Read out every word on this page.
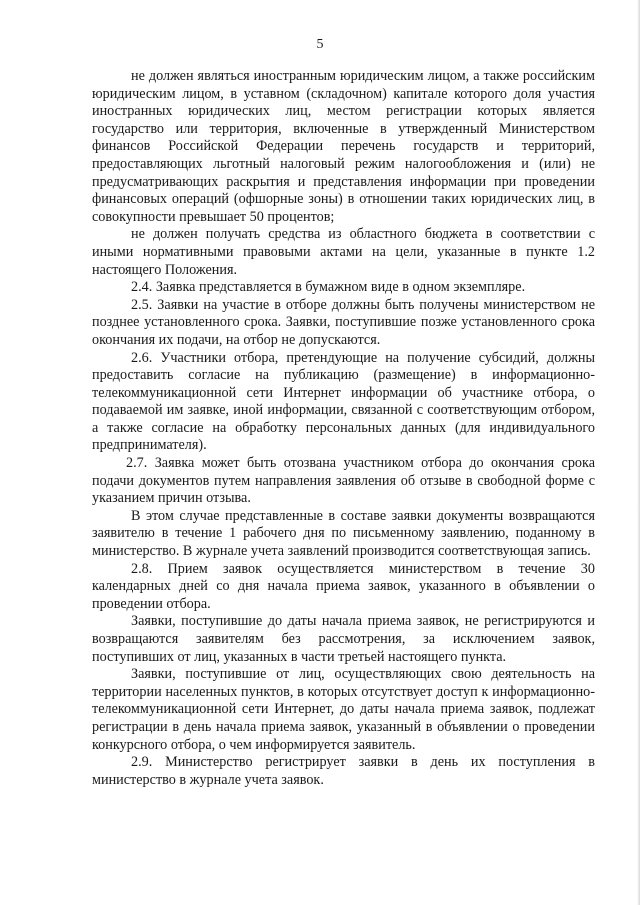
5

не должен являться иностранным юридическим лицом, а также российским юридическим лицом, в уставном (складочном) капитале которого доля участия иностранных юридических лиц, местом регистрации которых является государство или территория, включенные в утвержденный Министерством финансов Российской Федерации перечень государств и территорий, предоставляющих льготный налоговый режим налогообложения и (или) не предусматривающих раскрытия и представления информации при проведении финансовых операций (офшорные зоны) в отношении таких юридических лиц, в совокупности превышает 50 процентов;

не должен получать средства из областного бюджета в соответствии с иными нормативными правовыми актами на цели, указанные в пункте 1.2 настоящего Положения.

2.4. Заявка представляется в бумажном виде в одном экземпляре.

2.5. Заявки на участие в отборе должны быть получены министерством не позднее установленного срока. Заявки, поступившие позже установленного срока окончания их подачи, на отбор не допускаются.

2.6. Участники отбора, претендующие на получение субсидий, должны предоставить согласие на публикацию (размещение) в информационно-телекоммуникационной сети Интернет информации об участнике отбора, о подаваемой им заявке, иной информации, связанной с соответствующим отбором, а также согласие на обработку персональных данных (для индивидуального предпринимателя).

2.7. Заявка может быть отозвана участником отбора до окончания срока подачи документов путем направления заявления об отзыве в свободной форме с указанием причин отзыва.

В этом случае представленные в составе заявки документы возвращаются заявителю в течение 1 рабочего дня по письменному заявлению, поданному в министерство. В журнале учета заявлений производится соответствующая запись.

2.8. Прием заявок осуществляется министерством в течение 30 календарных дней со дня начала приема заявок, указанного в объявлении о проведении отбора.

Заявки, поступившие до даты начала приема заявок, не регистрируются и возвращаются заявителям без рассмотрения, за исключением заявок, поступивших от лиц, указанных в части третьей настоящего пункта.

Заявки, поступившие от лиц, осуществляющих свою деятельность на территории населенных пунктов, в которых отсутствует доступ к информационно-телекоммуникационной сети Интернет, до даты начала приема заявок, подлежат регистрации в день начала приема заявок, указанный в объявлении о проведении конкурсного отбора, о чем информируется заявитель.

2.9. Министерство регистрирует заявки в день их поступления в министерство в журнале учета заявок.
